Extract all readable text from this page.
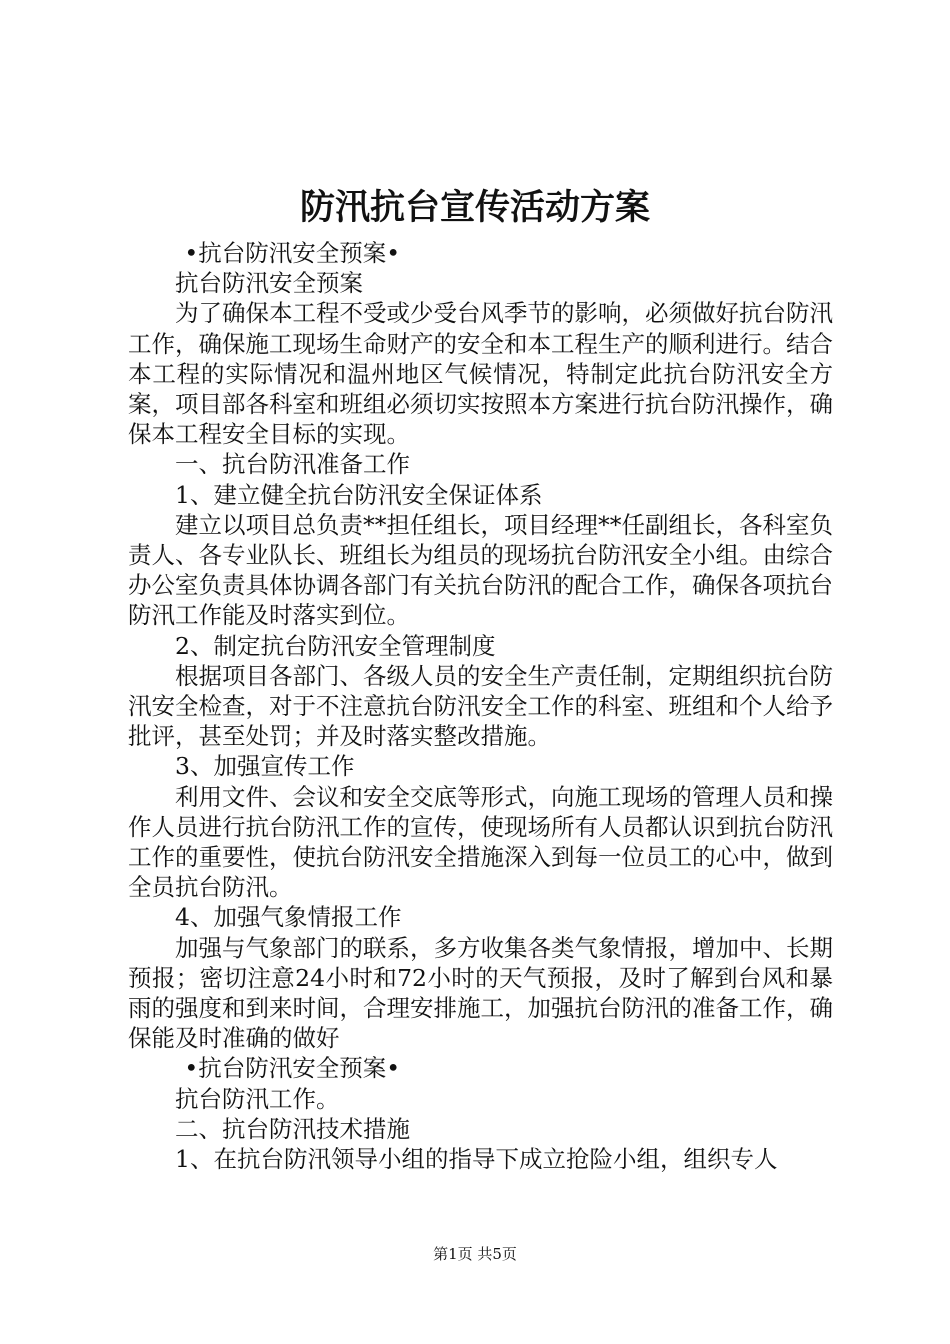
防汛抗台宣传活动方案

•抗台防汛安全预案•

抗台防汛安全预案

为了确保本工程不受或少受台风季节的影响，必须做好抗台防汛工作，确保施工现场生命财产的安全和本工程生产的顺利进行。结合本工程的实际情况和温州地区气候情况，特制定此抗台防汛安全方案，项目部各科室和班组必须切实按照本方案进行抗台防汛操作，确保本工程安全目标的实现。

一、抗台防汛准备工作

1、建立健全抗台防汛安全保证体系

建立以项目总负责**担任组长，项目经理**任副组长，各科室负责人、各专业队长、班组长为组员的现场抗台防汛安全小组。由综合办公室负责具体协调各部门有关抗台防汛的配合工作，确保各项抗台防汛工作能及时落实到位。

2、制定抗台防汛安全管理制度

根据项目各部门、各级人员的安全生产责任制，定期组织抗台防汛安全检查，对于不注意抗台防汛安全工作的科室、班组和个人给予批评，甚至处罚；并及时落实整改措施。

3、加强宣传工作

利用文件、会议和安全交底等形式，向施工现场的管理人员和操作人员进行抗台防汛工作的宣传，使现场所有人员都认识到抗台防汛工作的重要性，使抗台防汛安全措施深入到每一位员工的心中，做到全员抗台防汛。

4、加强气象情报工作

加强与气象部门的联系，多方收集各类气象情报，增加中、长期预报；密切注意24小时和72小时的天气预报，及时了解到台风和暴雨的强度和到来时间，合理安排施工，加强抗台防汛的准备工作，确保能及时准确的做好

•抗台防汛安全预案•

抗台防汛工作。

二、抗台防汛技术措施

1、在抗台防汛领导小组的指导下成立抢险小组，组织专人

第1页 共5页
